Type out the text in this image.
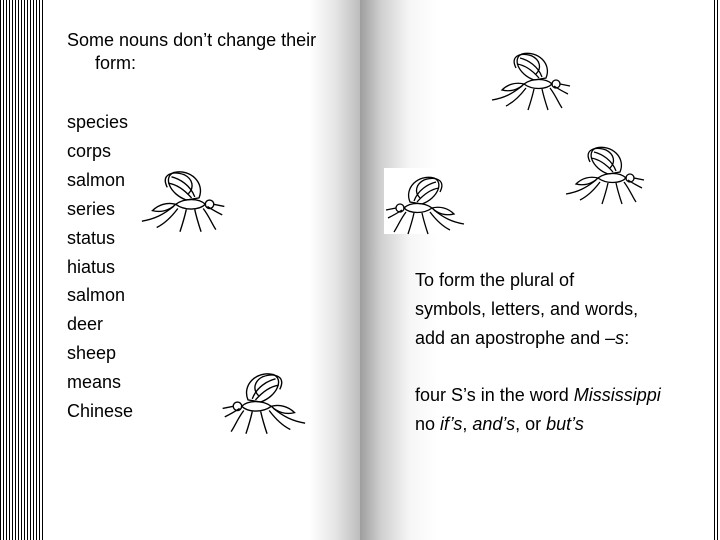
Some nouns don’t change their
form:
species
corps
salmon
series
status
hiatus
salmon
deer
sheep
means
Chinese
To form the plural of
symbols, letters, and words,
add an apostrophe and –s:
four S’s in the word Mississippi
no if’s, and’s, or but’s
